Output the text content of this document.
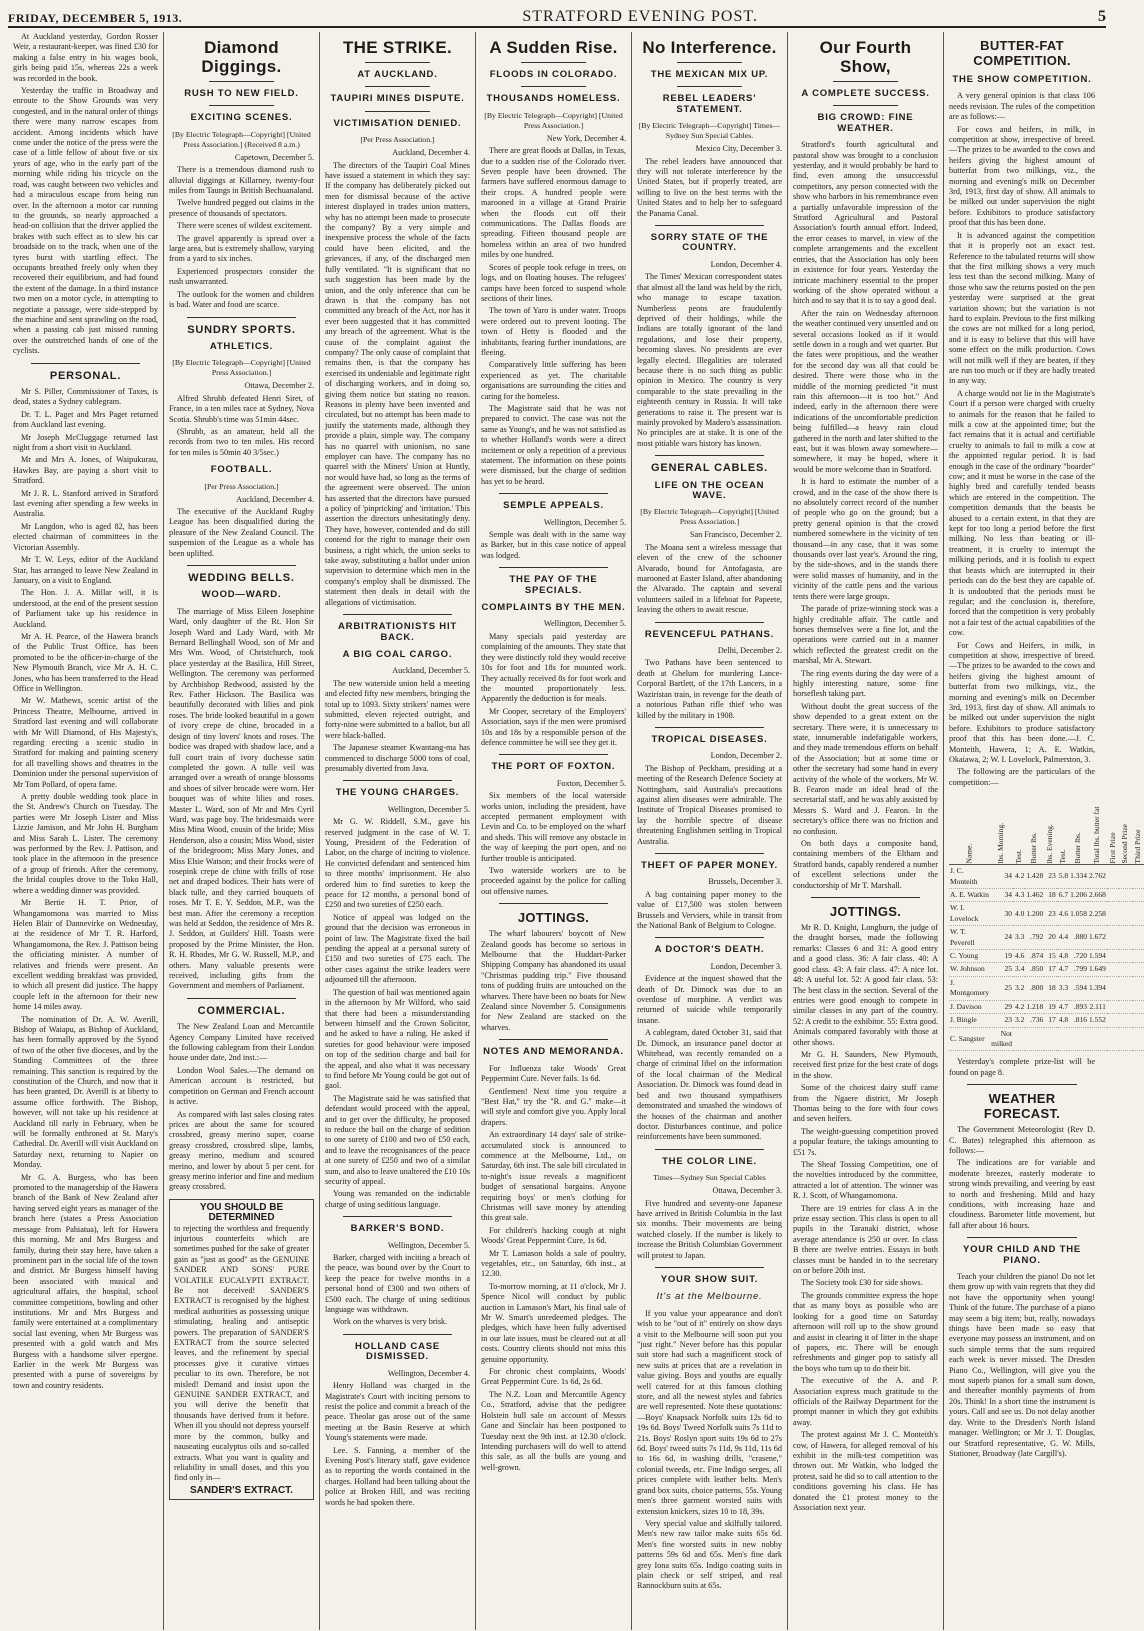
FRIDAY, DECEMBER 5, 1913.	STRATFORD EVENING POST.	5

At Auckland yesterday, Gordon Rosser Weir, a restaurant-keeper, was fined £30 for making a false entry in his wages book, girls being paid 15s, whereas 22s a week was recorded in the book.

Yesterday the traffic in Broadway and enroute to the Show Grounds was very congested, and in the natural order of things there were many narrow escapes from accident. Among incidents which have come under the notice of the press were the case of a little fellow of about five or six years of age, who in the early part of the morning while riding his tricycle on the road, was caught between two vehicles and had a miraculous escape from being run over. In the afternoon a motor car running to the grounds, so nearly approached a head-on collision that the driver applied the brakes with such effect as to slew his car broadside on to the track, when one of the tyres burst with startling effect. The occupants breathed freely only when they recovered their equilibrium, and had found the extent of the damage. In a third instance two men on a motor cycle, in attempting to negotiate a passage, were side-stepped by the machine and sent sprawling on the road, when a passing cab just missed running over the outstretched hands of one of the cyclists.

PERSONAL.

Mr S. Piller, Commissioner of Taxes, is dead, states a Sydney cablegram.

Dr. T. L. Paget and Mrs Paget returned from Auckland last evening.

Mr Joseph McCluggage returned last night from a short visit to Auckland.

Mr and Mrs A. Jones, of Waipukurau, Hawkes Bay, are paying a short visit to Stratford.

Mr J. R. L. Stanford arrived in Stratford last evening after spending a few weeks in Australia.

Mr Langdon, who is aged 82, has been elected chairman of committees in the Victorian Assembly.

Mr T. W. Leys, editor of the Auckland Star, has arranged to leave New Zealand in January, on a visit to England.

The Hon. J. A. Millar will, it is understood, at the end of the present session of Parliament take up his residence in Auckland.

Mr A. H. Pearce, of the Hawera branch of the Public Trust Office, has been promoted to be the officer-in-charge of the New Plymouth Branch, vice Mr A. H. C. Jones, who has been transferred to the Head Office in Wellington.

Mr W. Mathews, scenic artist of the Princess Theatre, Melbourne, arrived in Stratford last evening and will collaborate with Mr Will Diamond, of His Majesty's, regarding erecting a scenic studio in Stratford for making and painting scenery for all travelling shows and theatres in the Dominion under the personal supervision of Mr Tom Pollard, of opera fame.

A pretty double wedding took place in the St. Andrew's Church on Tuesday. The parties were Mr Joseph Lister and Miss Lizzie Jamison, and Mr John H. Burgham and Miss Sarah L. Lister. The ceremony was performed by the Rev. J. Pattison, and took place in the afternoon in the presence of a group of friends. After the ceremony, the bridal couples drove to the Toko Hall, where a wedding dinner was provided.

Mr Bertie H. T. Prior, of Whangamomona was married to Miss Helen Blair of Dannevirke on Wednesday, at the residence of Mr T. R. Harford, Whangamomona, the Rev. J. Pattison being the officiating minister. A number of relatives and friends were present. An excellent wedding breakfast was provided, to which all present did justice. The happy couple left in the afternoon for their new home 14 miles away.

The nomination of Dr. A. W. Averill, Bishop of Waiapu, as Bishop of Auckland, has been formally approved by the Synod of two of the other five dioceses, and by the Standing Committees of the three remaining. This sanction is required by the constitution of the Church, and now that it has been granted, Dr. Averill is at liberty to assume office forthwith. The Bishop, however, will not take up his residence at Auckland till early in February, when he will be formally enthroned at St. Mary's Cathedral. Dr. Averill will visit Auckland on Saturday next, returning to Napier on Monday.

Mr G. A. Burgess, who has been promoted to the managership of the Hawera branch of the Bank of New Zealand after having served eight years as manager of the branch here (states a Press Association message from Pahiatua), left for Hawera this morning. Mr and Mrs Burgess and family, during their stay here, have taken a prominent part in the social life of the town and district. Mr Burgess himself having been associated with musical and agricultural affairs, the hospital, school committee competitions, bowling and other institutions. Mr and Mrs Burgess and family were entertained at a complimentary social last evening, when Mr Burgess was presented with a gold watch and Mrs Burgess with a handsome silver epergne. Earlier in the week Mr Burgess was presented with a purse of sovereigns by town and country residents.

Diamond Diggings.
RUSH TO NEW FIELD.
EXCITING SCENES.
[By Electric Telegraph—Copyright] [United Press Association.] (Received 8 a.m.)
Capetown, December 5.

There is a tremendous diamond rush to alluvial diggings at Killarney, twenty-four miles from Taungs in British Bechuanaland.

Twelve hundred pegged out claims in the presence of thousands of spectators.

There were scenes of wildest excitement.

The gravel apparently is spread over a large area, but is extremely shallow, varying from a yard to six inches.

Experienced prospectors consider the rush unwarranted.

The outlook for the women and children is bad. Water and food are scarce.

SUNDRY SPORTS.
ATHLETICS.
[By Electric Telegraph—Copyright] [United Press Association.]
Ottawa, December 2.

Alfred Shrubb defeated Henri Siret, of France, in a ten miles race at Sydney, Nova Scotia. Shrubb's time was 51min 44sec.

(Shrubb, as an amateur, held all the records from two to ten miles. His record for ten miles is 50min 40 3/5sec.)

FOOTBALL.
[Per Press Association.]
Auckland, December 4.

The executive of the Auckland Rugby League has been disqualified during the pleasure of the New Zealand Council. The suspension of the League as a whole has been uplifted.

WEDDING BELLS.
WOOD—WARD.

The marriage of Miss Eileen Josephine Ward, only daughter of the Rt. Hon Sir Joseph Ward and Lady Ward, with Mr Bernard Bellinghall Wood, son of Mr and Mrs Wm. Wood, of Christchurch, took place yesterday at the Basilica, Hill Street, Wellington. The ceremony was performed by Archbishop Redwood, assisted by the Rev. Father Hickson. The Basilica was beautifully decorated with lilies and pink roses. The bride looked beautiful in a gown of ivory crepe de chine, brocaded in a design of tiny lovers' knots and roses. The bodice was draped with shadow lace, and a full court train of ivory duchesse satin completed the gown. A tulle veil was arranged over a wreath of orange blossoms and shoes of silver brocade were worn. Her bouquet was of white lilies and roses. Master L. Ward, son of Mr and Mrs Cyril Ward, was page boy. The bridesmaids were Miss Mina Wood, cousin of the bride; Miss Henderson, also a cousin; Miss Wood, sister of the bridegroom; Miss Mary Jones, and Miss Elsie Watson; and their frocks were of rosepink crepe de chine with frills of rose net and draped bodices. Their hats were of black tulle, and they carried bouquets of roses. Mr T. E. Y. Seddon, M.P., was the best man. After the ceremony a reception was held at Seddon, the residence of Mrs R. J. Seddon, at Guilders' Hill. Toasts were proposed by the Prime Minister, the Hon. R. H. Rhodes, Mr G. W. Russell, M.P., and others. Many valuable presents were received, including gifts from the Government and members of Parliament.

COMMERCIAL.

The New Zealand Loan and Mercantile Agency Company Limited have received the following cablegram from their London house under date, 2nd inst.:—

London Wool Sales.—The demand on American account is restricted, but competition on German and French account is active.

As compared with last sales closing rates prices are about the same for scoured crossbred, greasy merino super, coarse greasy crossbred, crossbred slipe, lambs, greasy merino, medium and scoured merino, and lower by about 5 per cent. for greasy merino inferior and fine and medium greasy crossbred.

YOU SHOULD BE DETERMINED

to rejecting the worthless and frequently injurious counterfeits which are sometimes pushed for the sake of greater gain as "just as good" as the GENUINE SANDER AND SONS' PURE VOLATILE EUCALYPTI EXTRACT. Be not deceived! SANDER'S EXTRACT is recognised by the highest medical authorities as possessing unique stimulating, healing and antiseptic powers. The preparation of SANDER'S EXTRACT from the source selected leaves, and the refinement by special processes give it curative virtues peculiar to its own. Therefore, be not misled! Demand and insist upon the GENUINE SANDER EXTRACT, and you will derive the benefit that thousands have derived from it before. When ill you should not depress yourself more by the common, bulky and nauseating eucalyptus oils and so-called extracts. What you want is quality and reliability in small doses, and this you find only in—

SANDER'S EXTRACT.
THE STRIKE.
AT AUCKLAND.
TAUPIRI MINES DISPUTE.
VICTIMISATION DENIED.
[Per Press Association.]
Auckland, December 4.

The directors of the Taupiri Coal Mines have issued a statement in which they say: If the company has deliberately picked out men for dismissal because of the active interest displayed in trades union matters, why has no attempt been made to prosecute the company? By a very simple and inexpensive process the whole of the facts could have been elicited, and the grievances, if any, of the discharged men fully ventilated. "It is significant that no such suggestion has been made by the union, and the only inference that can be drawn is that the company has not committed any breach of the Act, nor has it ever been suggested that it has committed any breach of the agreement. What is the cause of the complaint against the company? The only cause of complaint that remains then, is that the company has exercised its undeniable and legitimate right of discharging workers, and in doing so, giving them notice but stating no reason. Reasons in plenty have been invented and circulated, but no attempt has been made to justify the statements made, although they provide a plain, simple way. The company has no quarrel with unionism, no sane employer can have. The company has no quarrel with the Miners' Union at Huntly, nor would have had, so long as the terms of the agreement were observed. The union has asserted that the directors have pursued a policy of 'pinpricking' and 'irritation.' This assertion the directors unhesitatingly deny. They have, however, contended and do still contend for the right to manage their own business, a right which, the union seeks to take away, substituting a ballot under union supervision to determine which men in the company's employ shall be dismissed. The statement then deals in detail with the allegations of victimisation.

ARBITRATIONISTS HIT BACK.
A BIG COAL CARGO.
Auckland, December 5.

The new waterside union held a meeting and elected fifty new members, bringing the total up to 1093. Sixty strikers' names were submitted, eleven rejected outright, and forty-nine were submitted to a ballot, but all were black-balled.

The Japanese steamer Kwantang-ma has commenced to discharge 5000 tons of coal, presumably diverted from Java.

THE YOUNG CHARGES.
Wellington, December 5.

Mr G. W. Riddell, S.M., gave his reserved judgment in the case of W. T. Young, President of the Federation of Labor, on the charge of inciting to violence. He convicted defendant and sentenced him to three months' imprisonment. He also ordered him to find sureties to keep the peace for 12 months, a personal bond of £250 and two sureties of £250 each.

Notice of appeal was lodged on the ground that the decision was erroneous in point of law. The Magistrate fixed the bail pending the appeal at a personal surety of £150 and two sureties of £75 each. The other cases against the strike leaders were adjourned till the afternoon.

The question of bail was mentioned again in the afternoon by Mr Wilford, who said that there had been a misunderstanding between himself and the Crown Solicitor, and he asked to have a ruling. He asked if sureties for good behaviour were imposed on top of the sedition charge and bail for the appeal, and also what it was necessary to find before Mr Young could be got out of gaol.

The Magistrate said he was satisfied that defendant would proceed with the appeal, and to get over the difficulty, he proposed to reduce the bail on the charge of sedition to one surety of £100 and two of £50 each, and to leave the recognisances of the peace at one surety of £250 and two of a similar sum, and also to leave unaltered the £10 10s security of appeal.

Young was remanded on the indictable charge of using seditious language.

BARKER'S BOND.
Wellington, December 5.

Barker, charged with inciting a breach of the peace, was bound over by the Court to keep the peace for twelve months in a personal bond of £300 and two others of £500 each. The charge of using seditious language was withdrawn.

Work on the wharves is very brisk.

HOLLAND CASE DISMISSED.
Wellington, December 4.

Henry Holland was charged in the Magistrate's Court with inciting persons to resist the police and commit a breach of the peace. Theolar gas arose out of the same meeting at the Basin Reserve at which Young's statements were made.

Lee. S. Fanning, a member of the Evening Post's literary staff, gave evidence as to reporting the words contained in the charges. Holland had been talking about the police at Broken Hill, and was reciting words he had spoken there.

A Sudden Rise.
FLOODS IN COLORADO.
THOUSANDS HOMELESS.
[By Electric Telegraph—Copyright] [United Press Association.]
New York, December 4.

There are great floods at Dallas, in Texas, due to a sudden rise of the Colorado river. Seven people have been drowned. The farmers have suffered enormous damage to their crops. A hundred people were marooned in a village at Grand Prairie when the floods cut off their communications. The Dallas floods are spreading. Fifteen thousand people are homeless within an area of two hundred miles by one hundred.

Scores of people took refuge in trees, on logs, and on floating houses. The refugees' camps have been forced to suspend whole sections of their lines.

The town of Yaro is under water. Troops were ordered out to prevent looting. The town of Hetty is flooded and the inhabitants, fearing further inundations, are fleeing.

Comparatively little suffering has been experienced as yet. The charitable organisations are surrounding the cities and caring for the homeless.

The Magistrate said that he was not prepared to convict. The case was not the same as Young's, and he was not satisfied as to whether Holland's words were a direct incitement or only a repetition of a previous statement. The information on these points were dismissed, but the charge of sedition has yet to be heard.

SEMPLE APPEALS.
Wellington, December 5.

Semple was dealt with in the same way as Barker, but in this case notice of appeal was lodged.

THE PAY OF THE SPECIALS.
COMPLAINTS BY THE MEN.
Wellington, December 5.

Many specials paid yesterday are complaining of the amounts. They state that they were distinctly told they would receive 10s for foot and 18s for mounted work. They actually received 8s for foot work and the mounted proportionately less. Apparently the deduction is for meals.

Mr Cooper, secretary of the Employers' Association, says if the men were promised 10s and 18s by a responsible person of the defence committee he will see they get it.

THE PORT OF FOXTON.
Foxton, December 5.

Six members of the local waterside works union, including the president, have accepted permanent employment with Levin and Co. to be employed on the wharf and sheds. This will remove any obstacle in the way of keeping the port open, and no further trouble is anticipated.

Two waterside workers are to be proceeded against by the police for calling out offensive names.

JOTTINGS.

The wharf labourers' boycott of New Zealand goods has become so serious in Melbourne that the Huddart-Parker Shipping Company has abandoned its usual "Christmas pudding trip." Five thousand tons of pudding fruits are untouched on the wharves. There have been no boats for New Zealand since November 5. Consignments for New Zealand are stacked on the wharves.

NOTES AND MEMORANDA.

For Influenza take Woods' Great Peppermint Cure. Never fails. 1s 6d.

Gentlemen! Next time you require a "Best Hat," try the "R. and G." make—it will style and comfort give you. Apply local drapers.

An extraordinary 14 days' sale of strike-accumulated stock is announced to commence at the Melbourne, Ltd., on Saturday, 6th inst. The sale bill circulated in to-night's issue reveals a magnificent budget of sensational bargains. Anyone requiring boys' or men's clothing for Christmas will save money by attending this great sale.

For children's hacking cough at night Woods' Great Peppermint Cure, 1s 6d.

Mr T. Lamason holds a sale of poultry, vegetables, etc., on Saturday, 6th inst., at 12.30.

To-morrow morning, at 11 o'clock, Mr J. Spence Nicol will conduct by public auction in Lamason's Mart, his final sale of Mr W. Smart's unredeemed pledges. The pledges, which have been fully advertised in our late issues, must be cleared out at all costs. Country clients should not miss this genuine opportunity.

For chronic chest complaints, Woods' Great Peppermint Cure. 1s 6d, 2s 6d.

The N.Z. Loan and Mercantile Agency Co., Stratford, advise that the pedigree Holstein bull sale on account of Messrs Gane and Sinclair has been postponed to Tuesday next the 9th inst. at 12.30 o'clock. Intending purchasers will do well to attend this sale, as all the bulls are young and well-grown.

No Interference.
THE MEXICAN MIX UP.
REBEL LEADERS' STATEMENT.
[By Electric Telegraph—Copyright] Times—Sydney Sun Special Cables.
Mexico City, December 3.

The rebel leaders have announced that they will not tolerate interference by the United States, but if properly treated, are willing to live on the best terms with the United States and to help her to safeguard the Panama Canal.

SORRY STATE OF THE COUNTRY.
London, December 4.

The Times' Mexican correspondent states that almost all the land was held by the rich, who manage to escape taxation. Numberless peons are fraudulently deprived of their holdings, while the Indians are totally ignorant of the land regulations, and lose their property, becoming slaves. No presidents are ever legally elected. Illegalities are tolerated because there is no such thing as public opinion in Mexico. The country is very comparable to the state prevailing in the eighteenth century in Russia. It will take generations to raise it. The present war is mainly provoked by Madero's assassination. No principles are at stake. It is one of the most pitiable wars history has known.

GENERAL CABLES.
LIFE ON THE OCEAN WAVE.
[By Electric Telegraph—Copyright] [United Press Association.]
San Francisco, December 2.

The Moana sent a wireless message that eleven of the crew of the schooner Alvarado, bound for Antofagasta, are marooned at Easter Island, after abandoning the Alvarado. The captain and several volunteers sailed in a lifeboat for Papeete, leaving the others to await rescue.

REVENCEFUL PATHANS.
Delhi, December 2.

Two Pathans have been sentenced to death at Ghelum for murdering Lance-Corporal Bartlett, of the 17th Lancers, in a Waziristan train, in revenge for the death of a notorious Pathan rifle thief who was killed by the military in 1908.

TROPICAL DISEASES.
London, December 2.

The Bishop of Peckham, presiding at a meeting of the Research Defence Society at Nottingham, said Australia's precautions against alien diseases were admirable. The Institute of Tropical Diseases promised to lay the horrible spectre of disease threatening Englishmen settling in Tropical Australia.

THEFT OF PAPER MONEY.
Brussels, December 3.

A bag containing paper money to the value of £17,500 was stolen between Brussels and Verviers, while in transit from the National Bank of Belgium to Cologne.

A DOCTOR'S DEATH.
London, December 3.

Evidence at the inquest showed that the death of Dr. Dimock was due to an overdose of morphine. A verdict was returned of suicide while temporarily insane.

A cablegram, dated October 31, said that Dr. Dimock, an insurance panel doctor at Whitehead, was recently remanded on a charge of criminal libel on the information of the local chairman of the Medical Association. Dr. Dimock was found dead in bed and two thousand sympathisers demonstrated and smashed the windows of the houses of the chairman and another doctor. Disturbances continue, and police reinforcements have been summoned.

THE COLOR LINE.
Times—Sydney Sun Special Cables
Ottawa, December 3.

Five hundred and seventy-one Japanese have arrived in British Columbia in the last six months. Their movements are being watched closely. If the number is likely to increase the British Columbian Government will protest to Japan.

YOUR SHOW SUIT.
It's at the Melbourne.

If you value your appearance and don't wish to be "out of it" entirely on show days a visit to the Melbourne will soon put you "just right." Never before has this popular suit store had such a magnificent stock of new suits at prices that are a revelation in value giving. Boys and youths are equally well catered for at this famous clothing store, and all the newest styles and fabrics are well represented. Note these quotations:—Boys' Knapsack Norfolk suits 12s 6d to 19s 6d. Boys' Tweed Norfolk suits 7s 11d to 21s. Boys' Roslyn sport suits 19s 6d to 27s 6d. Boys' tweed suits 7s 11d, 9s 11d, 11s 6d to 16s 6d, in washing drills, "crasene," colonial tweeds, etc. Fine Indigo serges, all prices complete with leather belts. Men's grand box suits, choice patterns, 55s. Young men's three garment worsted suits with extension knickers, sizes 10 to 18, 39s.

Very special value and skilfully tailored. Men's new raw tailor make suits 65s 6d. Men's fine worsted suits in new nobby patterns 59s 6d and 65s. Men's fine dark grey Iona suits 65s. Indigo coating suits in plain check or self striped, and real Rannockburn suits at 65s.

Our Fourth Show,
A COMPLETE SUCCESS.
BIG CROWD: FINE WEATHER.

Stratford's fourth agricultural and pastoral show was brought to a conclusion yesterday, and it would probably be hard to find, even among the unsuccessful competitors, any person connected with the show who harbors in his remembrance even a partially unfavorable impression of the Stratford Agricultural and Pastoral Association's fourth annual effort. Indeed, the error ceases to marvel, in view of the complete arrangements and the excellent entries, that the Association has only been in existence for four years. Yesterday the intricate machinery essential to the proper working of the show operated without a hitch and to say that it is to say a good deal.

After the rain on Wednesday afternoon the weather continued very unsettled and on several occasions looked as if it would settle down in a rough and wet quarter. But the fates were propitious, and the weather for the second day was all that could be desired. There were those who in the middle of the morning predicted "it must rain this afternoon—it is too hot." And indeed, early in the afternoon there were indications of the uncomfortable prediction being fulfilled—a heavy rain cloud gathered in the north and later shifted to the east, but it was blown away somewhere—somewhere, it may be hoped, where it would be more welcome than in Stratford.

It is hard to estimate the number of a crowd, and in the case of the show there is no absolutely correct record of the number of people who go on the ground; but a pretty general opinion is that the crowd numbered somewhere in the vicinity of ten thousand—in any case, that it was some thousands over last year's. Around the ring, by the side-shows, and in the stands there were solid masses of humanity, and in the vicinity of the cattle pens and the various tents there were large groups.

The parade of prize-winning stock was a highly creditable affair. The cattle and horses themselves were a fine lot, and the operations were carried out in a manner which reflected the greatest credit on the marshal, Mr A. Stewart.

The ring events during the day were of a highly interesting nature, some fine horseflesh taking part.

Without doubt the great success of the show depended to a great extent on the secretary. There were, it is unnecessary to state, innumerable indefatigable workers, and they made tremendous efforts on behalf of the Association; but at some time or other the secretary had some hand in every activity of the whole of the workers. Mr W. B. Fearon made an ideal head of the secretarial staff, and he was ably assisted by Messrs S. Ward and J. Fearon. In the secretary's office there was no friction and no confusion.

On both days a composite band, containing members of the Eltham and Stratford bands, capably rendered a number of excellent selections under the conductorship of Mr T. Marshall.

JOTTINGS.

Mr R. D. Knight, Longburn, the judge of the draught horses, made the following remarks: Classes 6 and 31: A good entry and a good class. 36: A fair class. 40: A good class. 43: A fair class. 47: A nice lot. 48: A useful lot. 52: A good fair class. 53: The best class in the section. Several of the entries were good enough to compete in similar classes in any part of the country. 52: A credit to the exhibitor. 55: Extra good. Animals compared favorably with those at other shows.

Mr G. H. Saunders, New Plymouth, received first prize for the best crate of dogs in the show.

Some of the choicest dairy stuff came from the Ngaere district, Mr Joseph Thomas being to the fore with four cows and seven heifers.

The weight-guessing competition proved a popular feature, the takings amounting to £51 7s.

The Sheaf Tossing Competition, one of the novelties introduced by the committee, attracted a lot of attention. The winner was R. J. Scott, of Whangamomona.

There are 19 entries for class A in the prize essay section. This class is open to all pupils in the Taranaki district, whose average attendance is 250 or over. In class B there are twelve entries. Essays in both classes must be handed in to the secretary on or before 20th inst.

The Society took £30 for side shows.

The grounds committee express the hope that as many boys as possible who are looking for a good time on Saturday afternoon will roll up to the show ground and assist in clearing it of litter in the shape of papers, etc. There will be enough refreshments and ginger pop to satisfy all the boys who turn up to do their bit.

The executive of the A. and P. Association express much gratitude to the officials of the Railway Department for the prompt manner in which they got exhibits away.

The protest against Mr J. C. Monteith's cow, of Hawera, for alleged removal of his exhibit in the milk-test competition was thrown out. Mr Watkin, who lodged the protest, said he did so to call attention to the conditions governing his class. He has donated the £1 protest money to the Association next year.

BUTTER-FAT COMPETITION.
THE SHOW COMPETITION.

A very general opinion is that class 106 needs revision. The rules of the competition are as follows:—

For cows and heifers, in milk, in competition at show, irrespective of breed.—The prizes to be awarded to the cows and heifers giving the highest amount of butterfat from two milkings, viz., the morning and evening's milk on December 3rd, 1913, first day of show. All animals to be milked out under supervision the night before. Exhibitors to produce satisfactory proof that this has been done.

It is advanced against the competition that it is properly not an exact test. Reference to the tabulated returns will show that the first milking shows a very much less test than the second milking. Many of those who saw the returns posted on the pen yesterday were surprised at the great variation shown; but the variation is not hard to explain. Previous to the first milking the cows are not milked for a long period, and it is easy to believe that this will have some effect on the milk production. Cows will not milk well if they are beaten, if they are run too much or if they are badly treated in any way.

A charge would not lie in the Magistrate's Court if a person were charged with cruelty to animals for the reason that he failed to milk a cow at the appointed time; but the fact remains that it is actual and certifiable cruelty to animals to fail to milk a cow at the appointed regular period. It is bad enough in the case of the ordinary "boarder" cow; and it must be worse in the case of the highly bred and carefully tended beasts which are entered in the competition. The competition demands that the beasts be abused to a certain extent, in that they are kept for too long a period before the first milking. No less than beating or ill-treatment, it is cruelty to interrupt the milking periods, and it is foolish to expect that beasts which are interrupted in their periods can do the best they are capable of. It is undoubted that the periods must be regular; and the conclusion is, therefore, forced that the competition is very probably not a fair test of the actual capabilities of the cow.

For Cows and Heifers, in milk, in competition at show, irrespective of breed.—The prizes to be awarded to the cows and heifers giving the highest amount of butterfat from two milkings, viz., the morning and evening's milk on December 3rd, 1913, first day of show. All animals to be milked out under supervision the night before. Exhibitors to produce satisfactory proof that this has been done.—J. C. Monteith, Hawera, 1; A. E. Watkin, Okaiawa, 2; W. I. Lovelock, Palmerston, 3.

The following are the particulars of the competition:—

Name.	lbs. Morning.	Test.	Butter lbs.	lbs. Evening.	Test.	Butter lbs.	Total lbs. butter fat	First Prize	Second Prize	Third Prize
J. C. Monteith	34	4.2	1.428	23	5.8	1.334	2.762			
A. E. Watkin	34	4.3	1.462	18	6.7	1.206	2.668			
W. I. Lovelock	30	4.0	1.200	23	4.6	1.058	2.258			
W. T. Peverell	24	3.3	.792	20	4.4	.880	1.672			
C. Young	19	4.6	.874	15	4.8	.720	1.594			
W. Johnson	25	3.4	.850	17	4.7	.799	1.649			
J. Montgomery	25	3.2	.800	18	3.3	.594	1.394			
J. Davison	29	4.2	1.218	19	4.7	.893	2.111			
J. Bingle	23	3.2	.736	17	4.8	.816	1.552			
C. Sangster	Not milked									

Yesterday's complete prize-list will be found on page 8.

WEATHER FORECAST.

The Government Meteorologist (Rev D. C. Bates) telegraphed this afternoon as follows:—

The indications are for variable and moderate breezes, easterly moderate to strong winds prevailing, and veering by east to north and freshening. Mild and hazy conditions, with increasing haze and cloudiness. Barometer little movement, but fall after about 16 hours.

YOUR CHILD AND THE PIANO.

Teach your children the piano! Do not let them grow up with vain regrets that they did not have the opportunity when young! Think of the future. The purchase of a piano may seem a big item; but, really, nowadays things have been made so easy that everyone may possess an instrument, and on such simple terms that the sum required each week is never missed. The Dresden Piano Co., Wellington, will give you the most superb pianos for a small sum down, and thereafter monthly payments of from 20s. Think! In a short time the instrument is yours. Call and see us. Do not delay another day. Write to the Dresden's North Island manager. Wellington; or Mr J. T. Douglas, our Stratford representative, G. W. Mills, Stationer, Broadway (late Cargill's).
